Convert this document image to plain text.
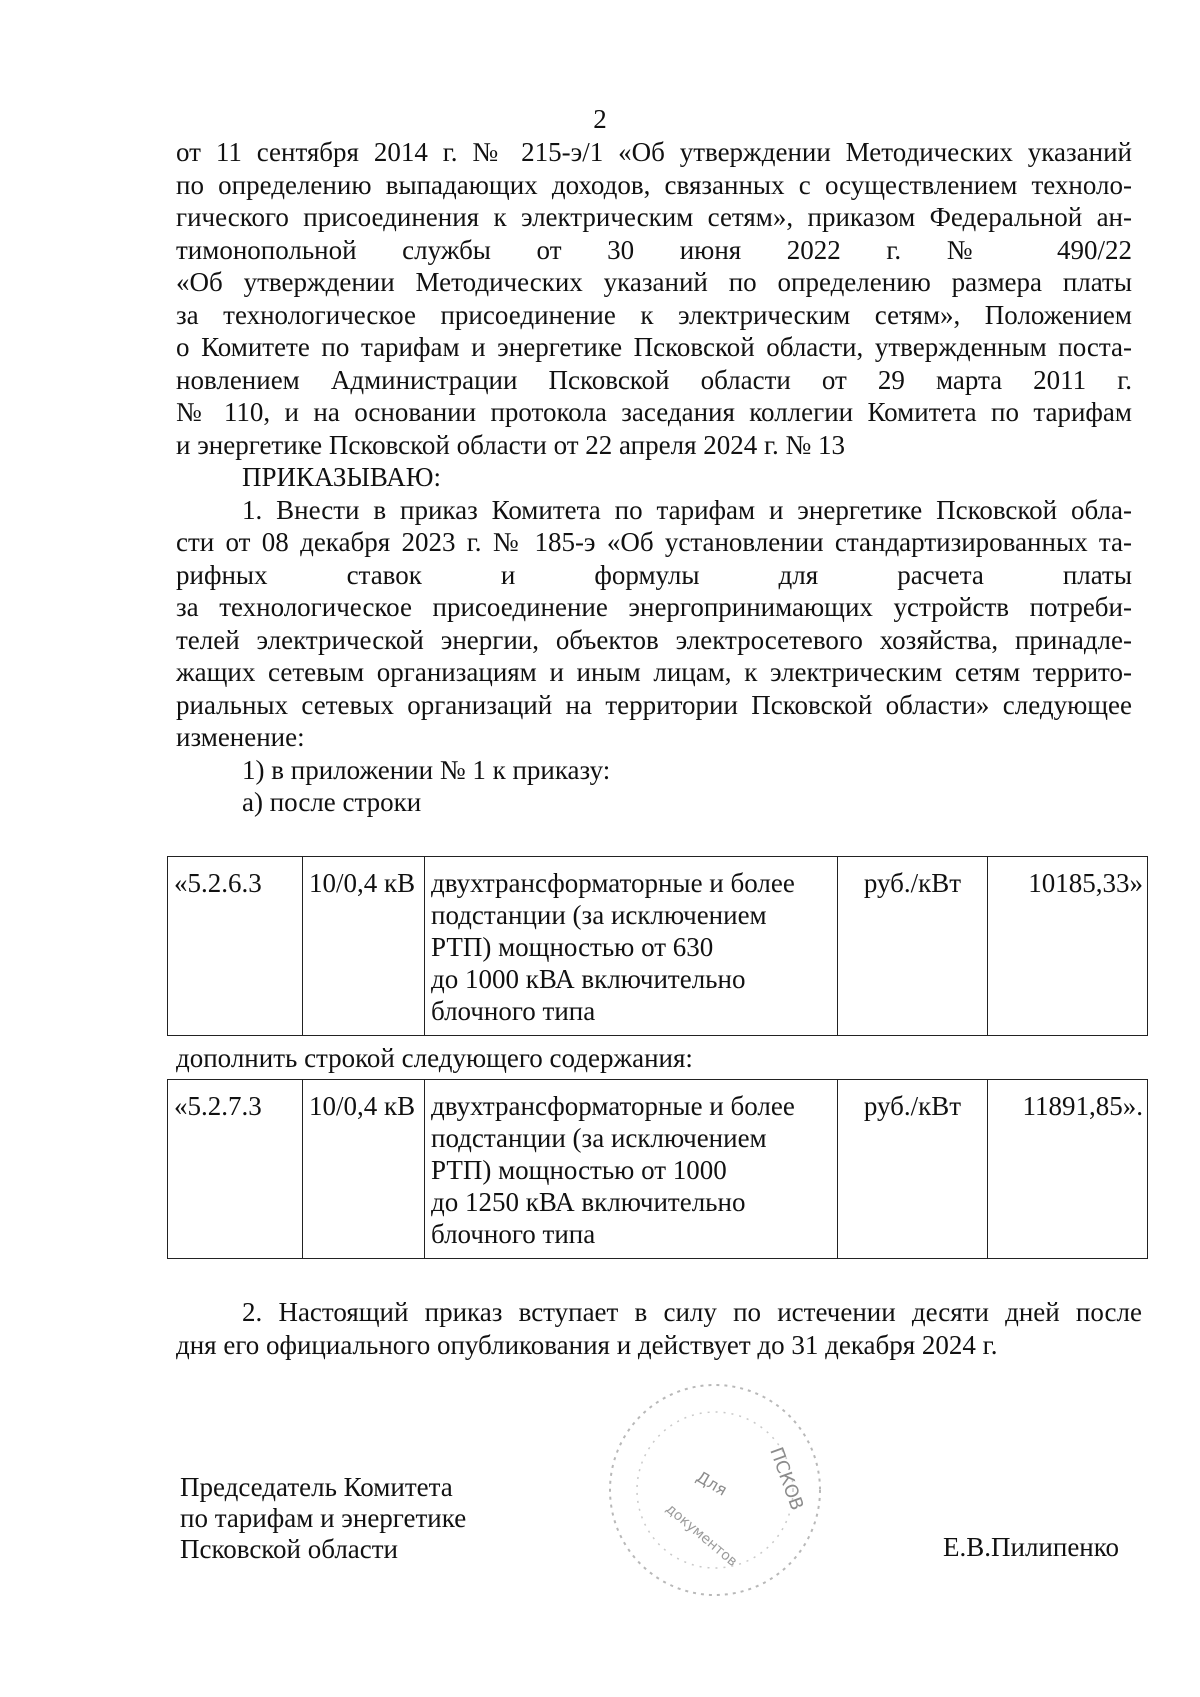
2

от 11 сентября 2014 г. № 215-э/1 «Об утверждении Методических указаний

по определению выпадающих доходов, связанных с осуществлением техноло-

гического присоединения к электрическим сетям», приказом Федеральной ан-

тимонопольной службы от 30 июня 2022 г. № 490/22

«Об утверждении Методических указаний по определению размера платы

за технологическое присоединение к электрическим сетям», Положением

о Комитете по тарифам и энергетике Псковской области, утвержденным поста-

новлением Администрации Псковской области от 29 марта 2011 г.

№ 110, и на основании протокола заседания коллегии Комитета по тарифам

и энергетике Псковской области от 22 апреля 2024 г. № 13

ПРИКАЗЫВАЮ:

1. Внести в приказ Комитета по тарифам и энергетике Псковской обла-

сти от 08 декабря 2023 г. № 185-э «Об установлении стандартизированных та-

рифных ставок и формулы для расчета платы

за технологическое присоединение энергопринимающих устройств потреби-

телей электрической энергии, объектов электросетевого хозяйства, принадле-

жащих сетевым организациям и иным лицам, к электрическим сетям террито-

риальных сетевых организаций на территории Псковской области» следующее

изменение:

1) в приложении № 1 к приказу:

а) после строки

«5.2.6.3	10/0,4 кВ	двухтрансформаторные и более
подстанции (за исключением
РТП) мощностью от 630
до 1000 кВА включительно
блочного типа
	руб./кВт	10185,33»
дополнить строкой следующего содержания:
«5.2.7.3	10/0,4 кВ	двухтрансформаторные и более
подстанции (за исключением
РТП) мощностью от 1000
до 1250 кВА включительно
блочного типа
	руб./кВт	11891,85».

2. Настоящий приказ вступает в силу по истечении десяти дней после

дня его официального опубликования и действует до 31 декабря 2024 г.

ПСКОВ
Для
документов
Председатель Комитета
по тарифам и энергетике
Псковской области	Е.В.Пилипенко
